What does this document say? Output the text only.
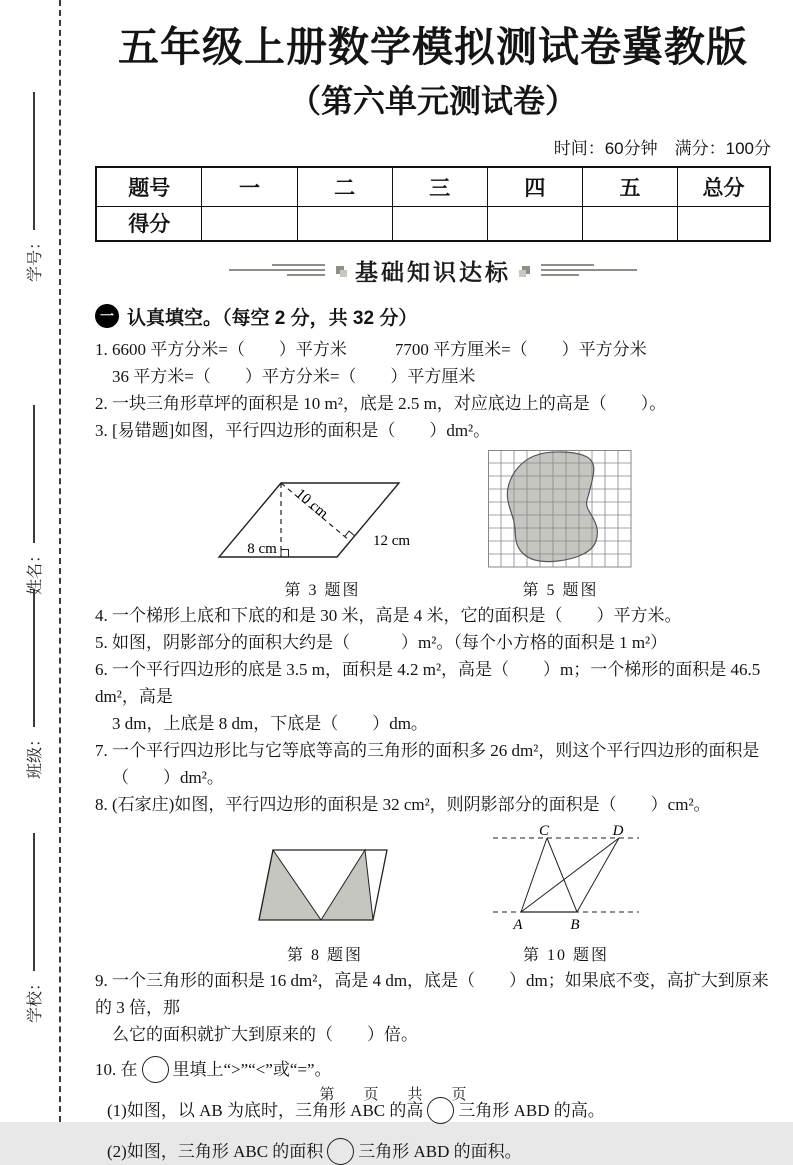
学号：
姓名：
班级：
学校：
五年级上册数学模拟测试卷冀教版
（第六单元测试卷）
时间：60分钟　满分：100分
题号	一	二	三	四	五	总分
得分						
基础知识达标
一 认真填空。（每空 2 分，共 32 分）
1. 6600 平方分米=（　　）平方米	7700 平方厘米=（　　）平方分米
36 平方米=（　　）平方分米=（　　）平方厘米
2. 一块三角形草坪的面积是 10 m²，底是 2.5 m，对应底边上的高是（　　）。
3. [易错题]如图，平行四边形的面积是（　　）dm²。
8 cm
10 cm
12 cm
第 3 题图	第 5 题图
4. 一个梯形上底和下底的和是 30 米，高是 4 米，它的面积是（　　）平方米。
5. 如图，阴影部分的面积大约是（　　　）m²。（每个小方格的面积是 1 m²）
6. 一个平行四边形的底是 3.5 m，面积是 4.2 m²，高是（　　）m；一个梯形的面积是 46.5 dm²，高是
3 dm，上底是 8 dm，下底是（　　）dm。
7. 一个平行四边形比与它等底等高的三角形的面积多 26 dm²，则这个平行四边形的面积是
（　　）dm²。
8. (石家庄)如图，平行四边形的面积是 32 cm²，则阴影部分的面积是（　　）cm²。
第 8 题图
C	D
A	B
第 10 题图
9. 一个三角形的面积是 16 dm²，高是 4 dm，底是（　　）dm；如果底不变，高扩大到原来的 3 倍，那
么它的面积就扩大到原来的（　　）倍。
10. 在 里填上“>”“<”或“=”。
(1)如图，以 AB 为底时，三角形 ABC 的高 三角形 ABD 的高。
(2)如图，三角形 ABC 的面积 三角形 ABD 的面积。
第　页　共　页
